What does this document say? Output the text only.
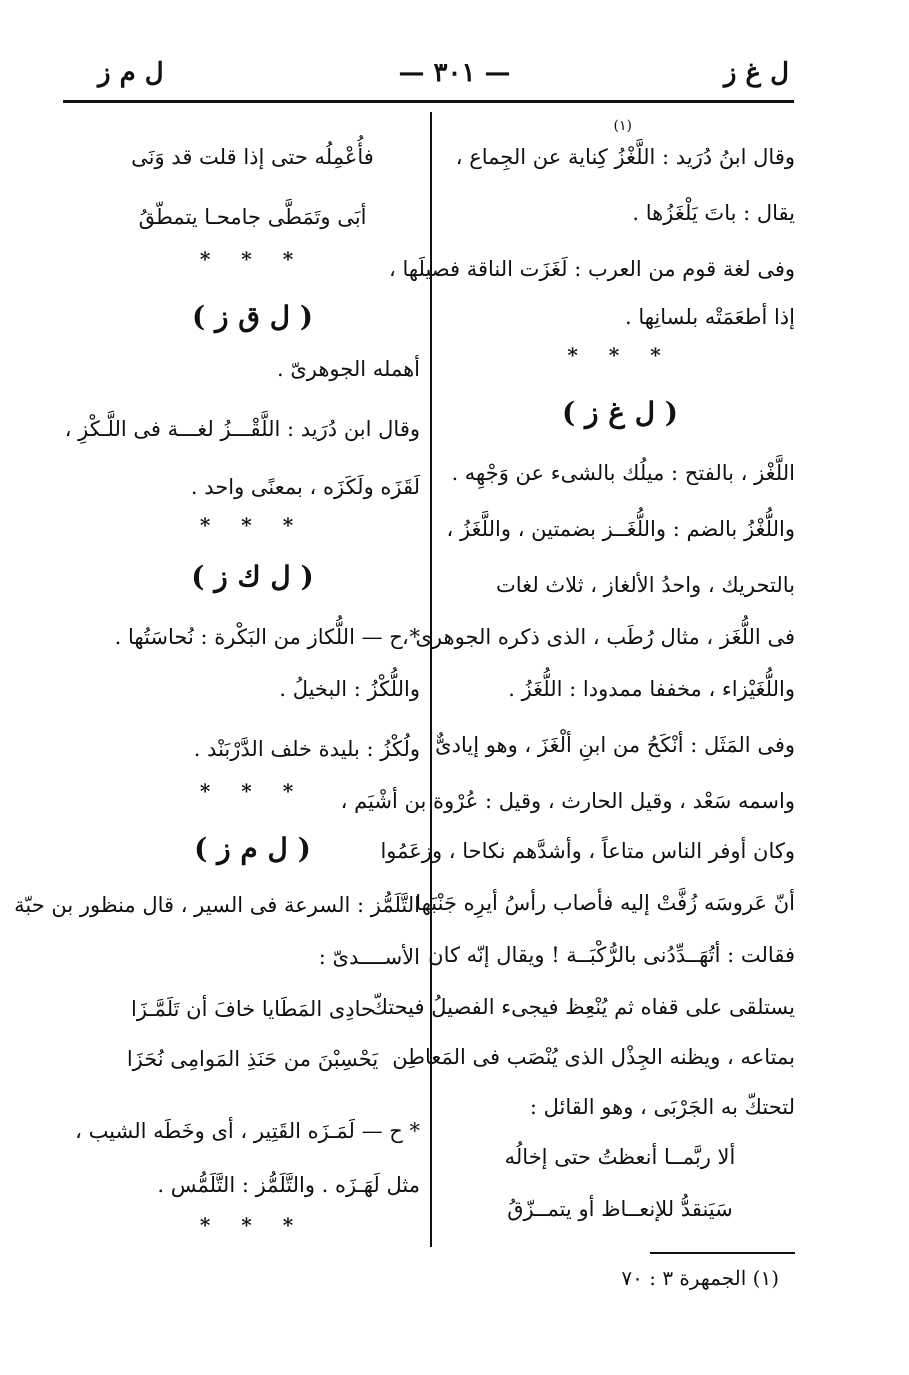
ل غ ز
— ٣٠١ —
ل م ز
(١)
وقال ابنُ دُرَيد : اللَّغْزُ كِناية عن الجِماع ،
يقال : باتَ يَلْغَزُها .
وفى لغة قوم من العرب : لَغَزَت الناقة فصيلَها ،
إذا أطعَمَتْه بلسانِها .
* * *
( ل غ ز )
اللَّغْز ، بالفتح : ميلُك بالشىء عن وَجْهِه .
واللُّغْزُ بالضم : واللُّغَــز بضمتين ، واللَّغَزُ ،
بالتحريك ، واحدُ الألغاز ، ثلاث لغات
فى اللُّغَز ، مثال رُطَب ، الذى ذكره الجوهرى ،
واللُّغَيْزاء ، مخففا ممدودا : اللُّغَزُ .
وفى المَثَل : أنْكَحُ من ابنِ ألْغَزَ ، وهو إيادىٌّ
واسمه سَعْد ، وقيل الحارث ، وقيل : عُرْوة بن أشْيَم ،
وكان أوفر الناس متاعاً ، وأشدَّهم نكاحا ، وزعَمُوا
أنّ عَروسَه زُفَّتْ إليه فأصاب رأسُ أيرِه جَنْبَها
فقالت : أتُهَــدِّدُنى بالرُّكْبَــة ! ويقال إنّه كان
يستلقى على قفاه ثم يُنْعِظ فيجىء الفصيلُ فيحتكّ
بمتاعه ، ويظنه الجِذْل الذى يُنْصَب فى المَعاطِن
لتحتكّ به الجَرْبَى ، وهو القائل :
ألا ربَّمــا أنعظتُ حتى إخالُه
سَيَنقدُّ للإنعــاظ أو يتمــزّقُ
فأُعْمِلُه حتى إذا قلت قد وَنَى
أبَى وتَمَطَّى جامحـا يتمطّقُ
* * *
( ل ق ز )
أهمله الجوهرىّ .
وقال ابن دُرَيد : اللَّقْـــزُ لغـــة فى اللَّـكْزِ ،
لَقَزَه ولَكَزَه ، بمعنًى واحد .
* * *
( ل ك ز )
* ح — اللُّكاز من البَكْرة : نُحاسَتُها .
واللُّكْزُ : البخيلُ .
ولُكْزُ : بليدة خلف الدَّرْبَنْد .
* * *
( ل م ز )
التَّلَمُّز : السرعة فى السير ، قال منظور بن حبّة
الأســــدىّ :
حادِى المَطَايا خافَ أن تَلَمَّـزَا
يَحْسِبْنَ من حَنَذِ المَوامِى نُحَزَا
* ح — لَمَـزَه القَتِير ، أى وخَطَه الشيب ،
مثل لَهَـزَه . والتَّلَمُّز : التَّلَمُّس .
* * *
(١) الجمهرة ٣ : ٧٠
